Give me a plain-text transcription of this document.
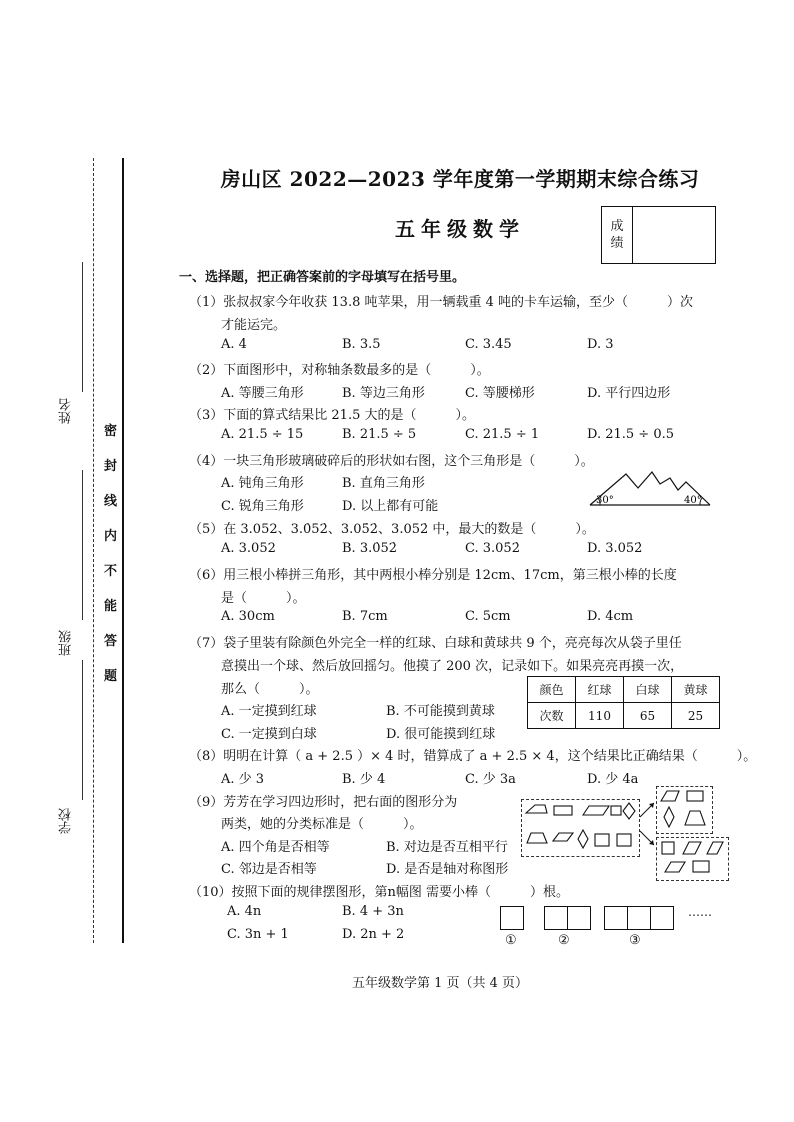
姓名
班级
学校
密
封
线
内
不
能
答
题
房山区 2022—2023 学年度第一学期期末综合练习
五年级数学	成绩
一、选择题，把正确答案前的字母填写在括号里。
（1）张叔叔家今年收获 13.8 吨苹果，用一辆载重 4 吨的卡车运输，至少（　　　）次
才能运完。
A. 4	B. 3.5	C. 3.45	D. 3
（2）下面图形中，对称轴条数最多的是（　　　）。
A. 等腰三角形	B. 等边三角形	C. 等腰梯形	D. 平行四边形
（3）下面的算式结果比 21.5 大的是（　　　）。
A. 21.5 ÷ 15	B. 21.5 ÷ 5	C. 21.5 ÷ 1	D. 21.5 ÷ 0.5
（4）一块三角形玻璃破碎后的形状如右图，这个三角形是（　　　）。
A. 钝角三角形	B. 直角三角形
C. 锐角三角形	D. 以上都有可能	30°	40°
（5）在 3.052、3.0̇52̇、3.05̇2̇、3.052̇ 中，最大的数是（　　　）。
A. 3.052	B. 3.0̇52̇	C. 3.05̇2̇	D. 3.052̇
（6）用三根小棒拼三角形，其中两根小棒分别是 12cm、17cm，第三根小棒的长度
是（　　　）。
A. 30cm	B. 7cm	C. 5cm	D. 4cm
（7）袋子里装有除颜色外完全一样的红球、白球和黄球共 9 个，亮亮每次从袋子里任
意摸出一个球、然后放回摇匀。他摸了 200 次，记录如下。如果亮亮再摸一次，
那么（　　　）。
A. 一定摸到红球	B. 不可能摸到黄球
C. 一定摸到白球	D. 很可能摸到红球
颜色	红球	白球	黄球
次数	110	65	25
（8）明明在计算（ a + 2.5 ）× 4 时，错算成了 a + 2.5 × 4，这个结果比正确结果（　　　）。
A. 少 3	B. 少 4	C. 少 3a	D. 少 4a
（9）芳芳在学习四边形时，把右面的图形分为
两类，她的分类标准是（　　　）。
A. 四个角是否相等	B. 对边是否互相平行
C. 邻边是否相等	D. 是否是轴对称图形
（10）按照下面的规律摆图形，第n幅图 需要小棒（　　　）根。
A. 4n	B. 4 + 3n
C. 3n + 1	D. 2n + 2
……
①	②	③
五年级数学第 1 页（共 4 页）
